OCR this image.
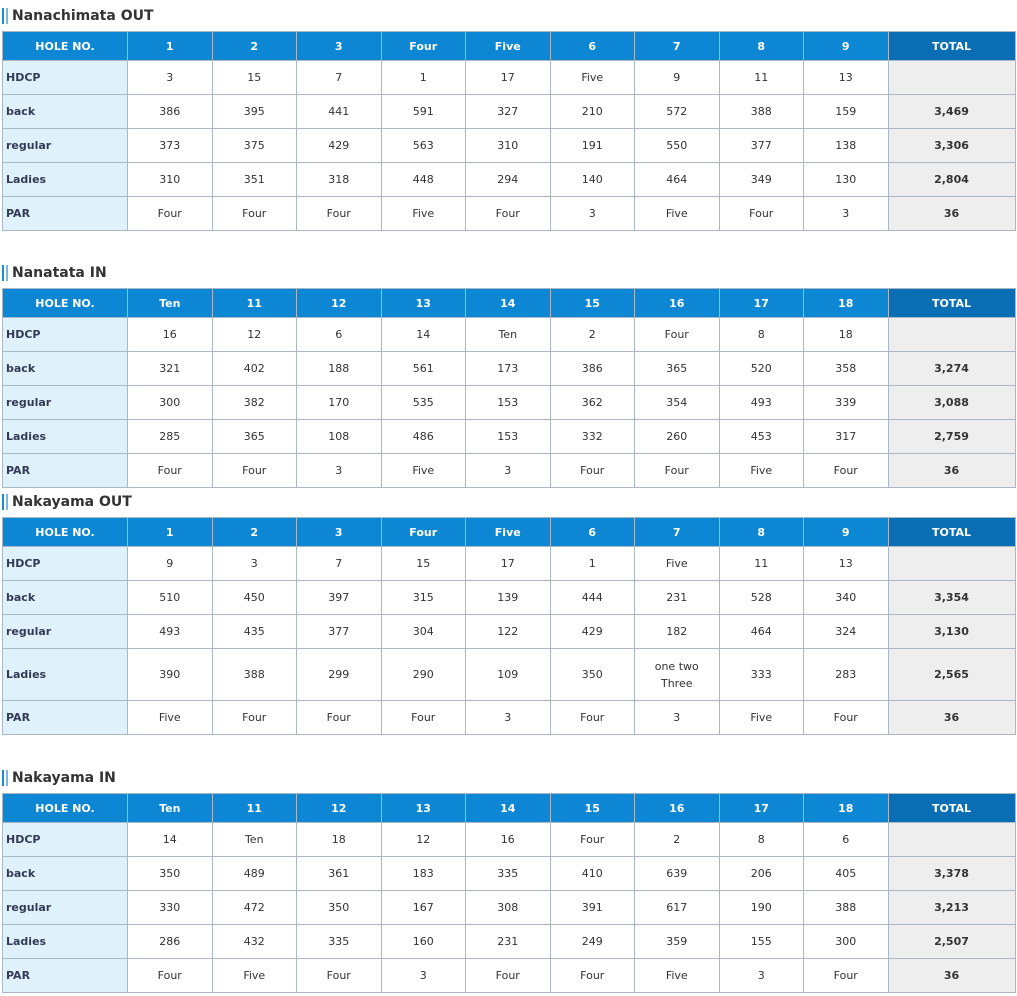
Nanachimata OUT
HOLE NO.	1	2	3	Four	Five	6	7	8	9	TOTAL
HDCP	3	15	7	1	17	Five	9	11	13	
back	386	395	441	591	327	210	572	388	159	3,469
regular	373	375	429	563	310	191	550	377	138	3,306
Ladies	310	351	318	448	294	140	464	349	130	2,804
PAR	Four	Four	Four	Five	Four	3	Five	Four	3	36
Nanatata IN
HOLE NO.	Ten	11	12	13	14	15	16	17	18	TOTAL
HDCP	16	12	6	14	Ten	2	Four	8	18	
back	321	402	188	561	173	386	365	520	358	3,274
regular	300	382	170	535	153	362	354	493	339	3,088
Ladies	285	365	108	486	153	332	260	453	317	2,759
PAR	Four	Four	3	Five	3	Four	Four	Five	Four	36
Nakayama OUT
HOLE NO.	1	2	3	Four	Five	6	7	8	9	TOTAL
HDCP	9	3	7	15	17	1	Five	11	13	
back	510	450	397	315	139	444	231	528	340	3,354
regular	493	435	377	304	122	429	182	464	324	3,130
Ladies	390	388	299	290	109	350	one two Three	333	283	2,565
PAR	Five	Four	Four	Four	3	Four	3	Five	Four	36
Nakayama IN
HOLE NO.	Ten	11	12	13	14	15	16	17	18	TOTAL
HDCP	14	Ten	18	12	16	Four	2	8	6	
back	350	489	361	183	335	410	639	206	405	3,378
regular	330	472	350	167	308	391	617	190	388	3,213
Ladies	286	432	335	160	231	249	359	155	300	2,507
PAR	Four	Five	Four	3	Four	Four	Five	3	Four	36
